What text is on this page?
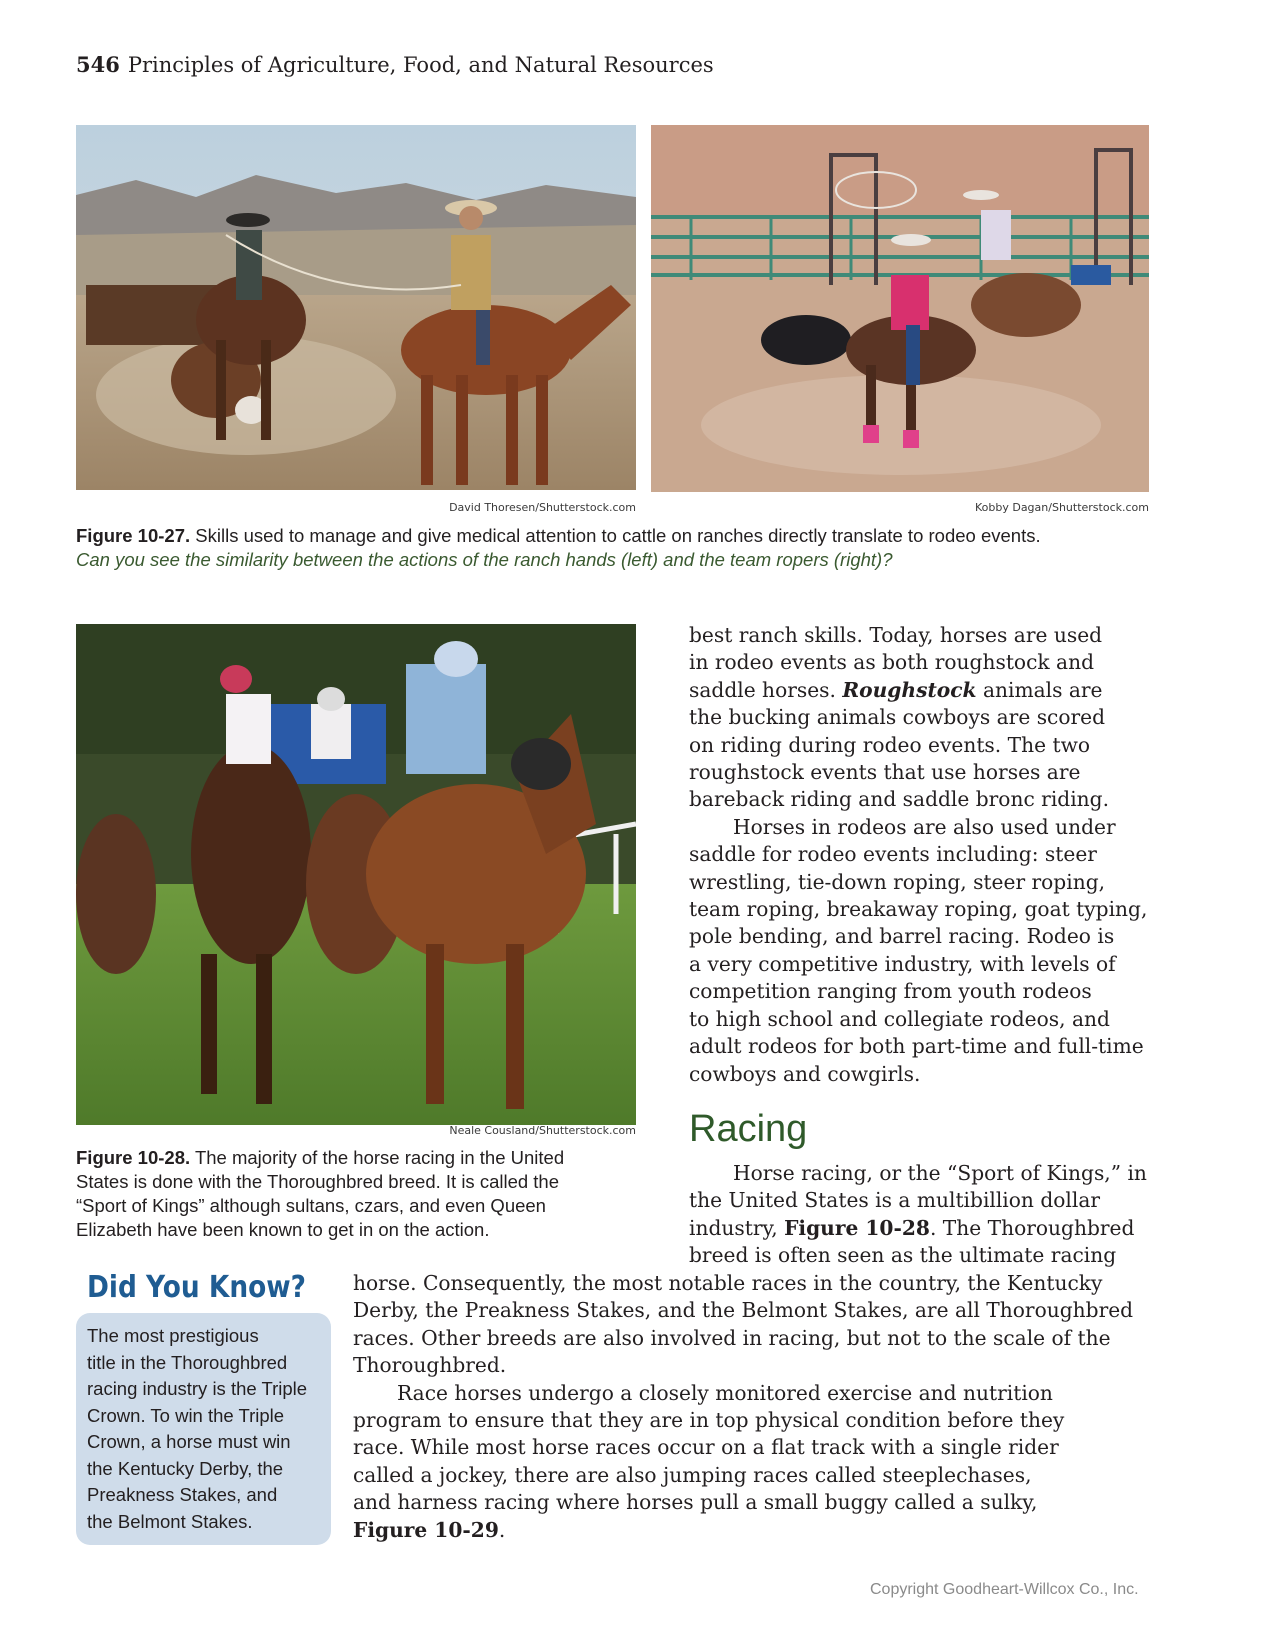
546 Principles of Agriculture, Food, and Natural Resources
David Thoresen/Shutterstock.com	Kobby Dagan/Shutterstock.com
Figure 10-27. Skills used to manage and give medical attention to cattle on ranches directly translate to rodeo events.
Can you see the similarity between the actions of the ranch hands (left) and the team ropers (right)?
Neale Cousland/Shutterstock.com
Figure 10-28. The majority of the horse racing in the United
States is done with the Thoroughbred breed. It is called the
“Sport of Kings” although sultans, czars, and even Queen
Elizabeth have been known to get in on the action.

best ranch skills. Today, horses are used
in rodeo events as both roughstock and
saddle horses. Roughstock animals are
the bucking animals cowboys are scored
on riding during rodeo events. The two
roughstock events that use horses are
bareback riding and saddle bronc riding.

Horses in rodeos are also used under
saddle for rodeo events including: steer
wrestling, tie-down roping, steer roping,
team roping, breakaway roping, goat typing,
pole bending, and barrel racing. Rodeo is
a very competitive industry, with levels of
competition ranging from youth rodeos
to high school and collegiate rodeos, and
adult rodeos for both part-time and full-time
cowboys and cowgirls.

Racing
Horse racing, or the “Sport of Kings,” in
the United States is a multibillion dollar
industry, Figure 10-28. The Thoroughbred
breed is often seen as the ultimate racing
horse. Consequently, the most notable races in the country, the Kentucky
Derby, the Preakness Stakes, and the Belmont Stakes, are all Thoroughbred
races. Other breeds are also involved in racing, but not to the scale of the
Thoroughbred.
Race horses undergo a closely monitored exercise and nutrition
program to ensure that they are in top physical condition before they
race. While most horse races occur on a flat track with a single rider
called a jockey, there are also jumping races called steeplechases,
and harness racing where horses pull a small buggy called a sulky,
Figure 10-29.
Did You Know?
The most prestigious
title in the Thoroughbred
racing industry is the Triple
Crown. To win the Triple
Crown, a horse must win
the Kentucky Derby, the
Preakness Stakes, and
the Belmont Stakes.
Copyright Goodheart-Willcox Co., Inc.
